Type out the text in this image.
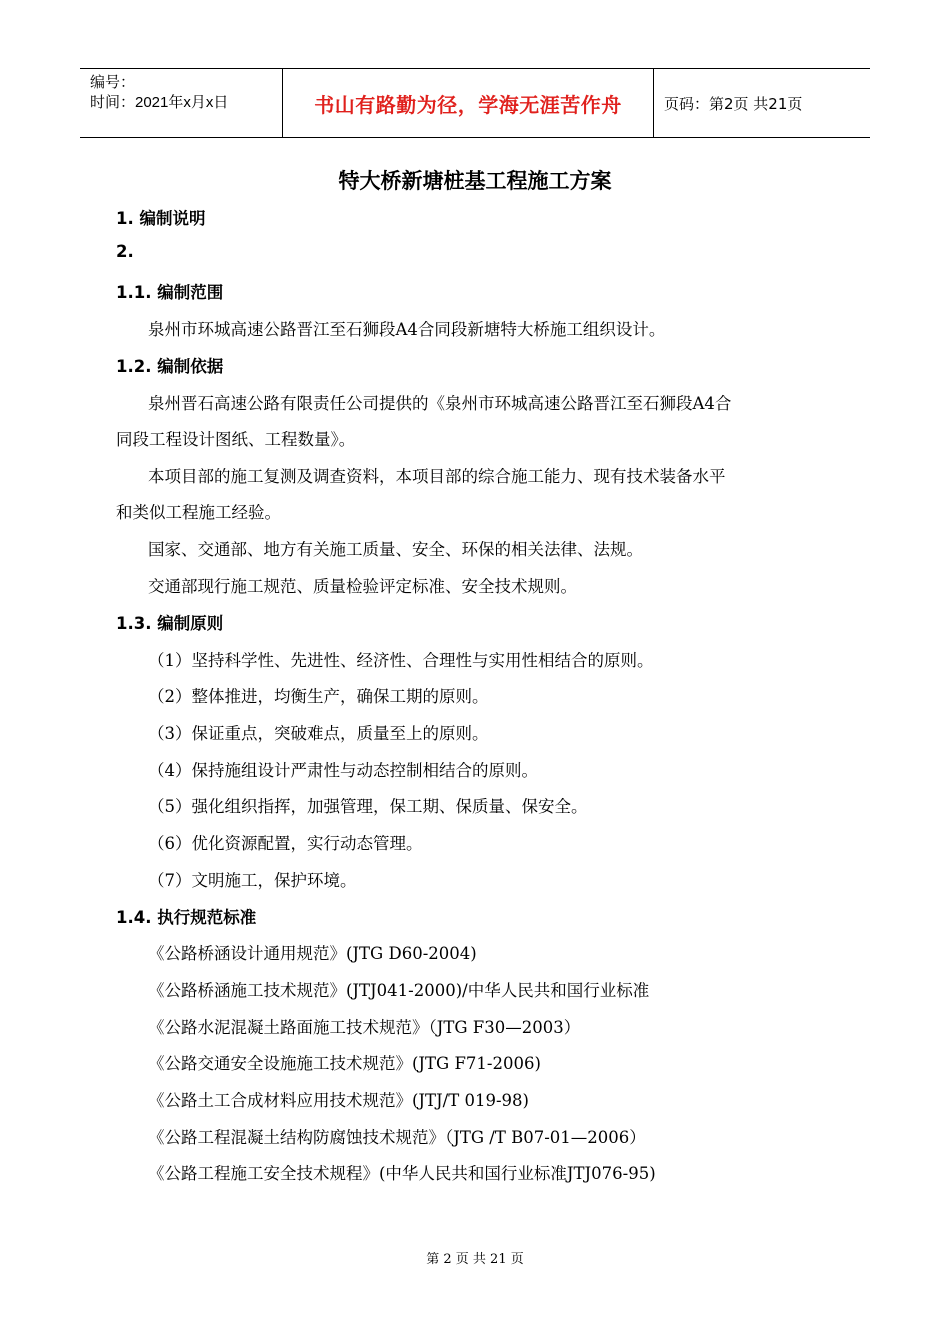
编号：
时间：2021年x月x日	书山有路勤为径，学海无涯苦作舟	页码：第2页 共21页
特大桥新塘桩基工程施工方案
1. 编制说明
2.
1.1. 编制范围
泉州市环城高速公路晋江至石狮段A4合同段新塘特大桥施工组织设计。
1.2. 编制依据
泉州晋石高速公路有限责任公司提供的《泉州市环城高速公路晋江至石狮段A4合
同段工程设计图纸、工程数量》。
本项目部的施工复测及调查资料，本项目部的综合施工能力、现有技术装备水平
和类似工程施工经验。
国家、交通部、地方有关施工质量、安全、环保的相关法律、法规。
交通部现行施工规范、质量检验评定标准、安全技术规则。
1.3. 编制原则
（1）坚持科学性、先进性、经济性、合理性与实用性相结合的原则。
（2）整体推进，均衡生产，确保工期的原则。
（3）保证重点，突破难点，质量至上的原则。
（4）保持施组设计严肃性与动态控制相结合的原则。
（5）强化组织指挥，加强管理，保工期、保质量、保安全。
（6）优化资源配置，实行动态管理。
（7）文明施工，保护环境。
1.4. 执行规范标准
《公路桥涵设计通用规范》(JTG D60-2004)
《公路桥涵施工技术规范》(JTJ041-2000)/中华人民共和国行业标准
《公路水泥混凝土路面施工技术规范》（JTG F30—2003）
《公路交通安全设施施工技术规范》(JTG F71-2006)
《公路土工合成材料应用技术规范》(JTJ/T 019-98)
《公路工程混凝土结构防腐蚀技术规范》（JTG /T B07-01—2006）
《公路工程施工安全技术规程》(中华人民共和国行业标准JTJ076-95)
第 2 页 共 21 页
